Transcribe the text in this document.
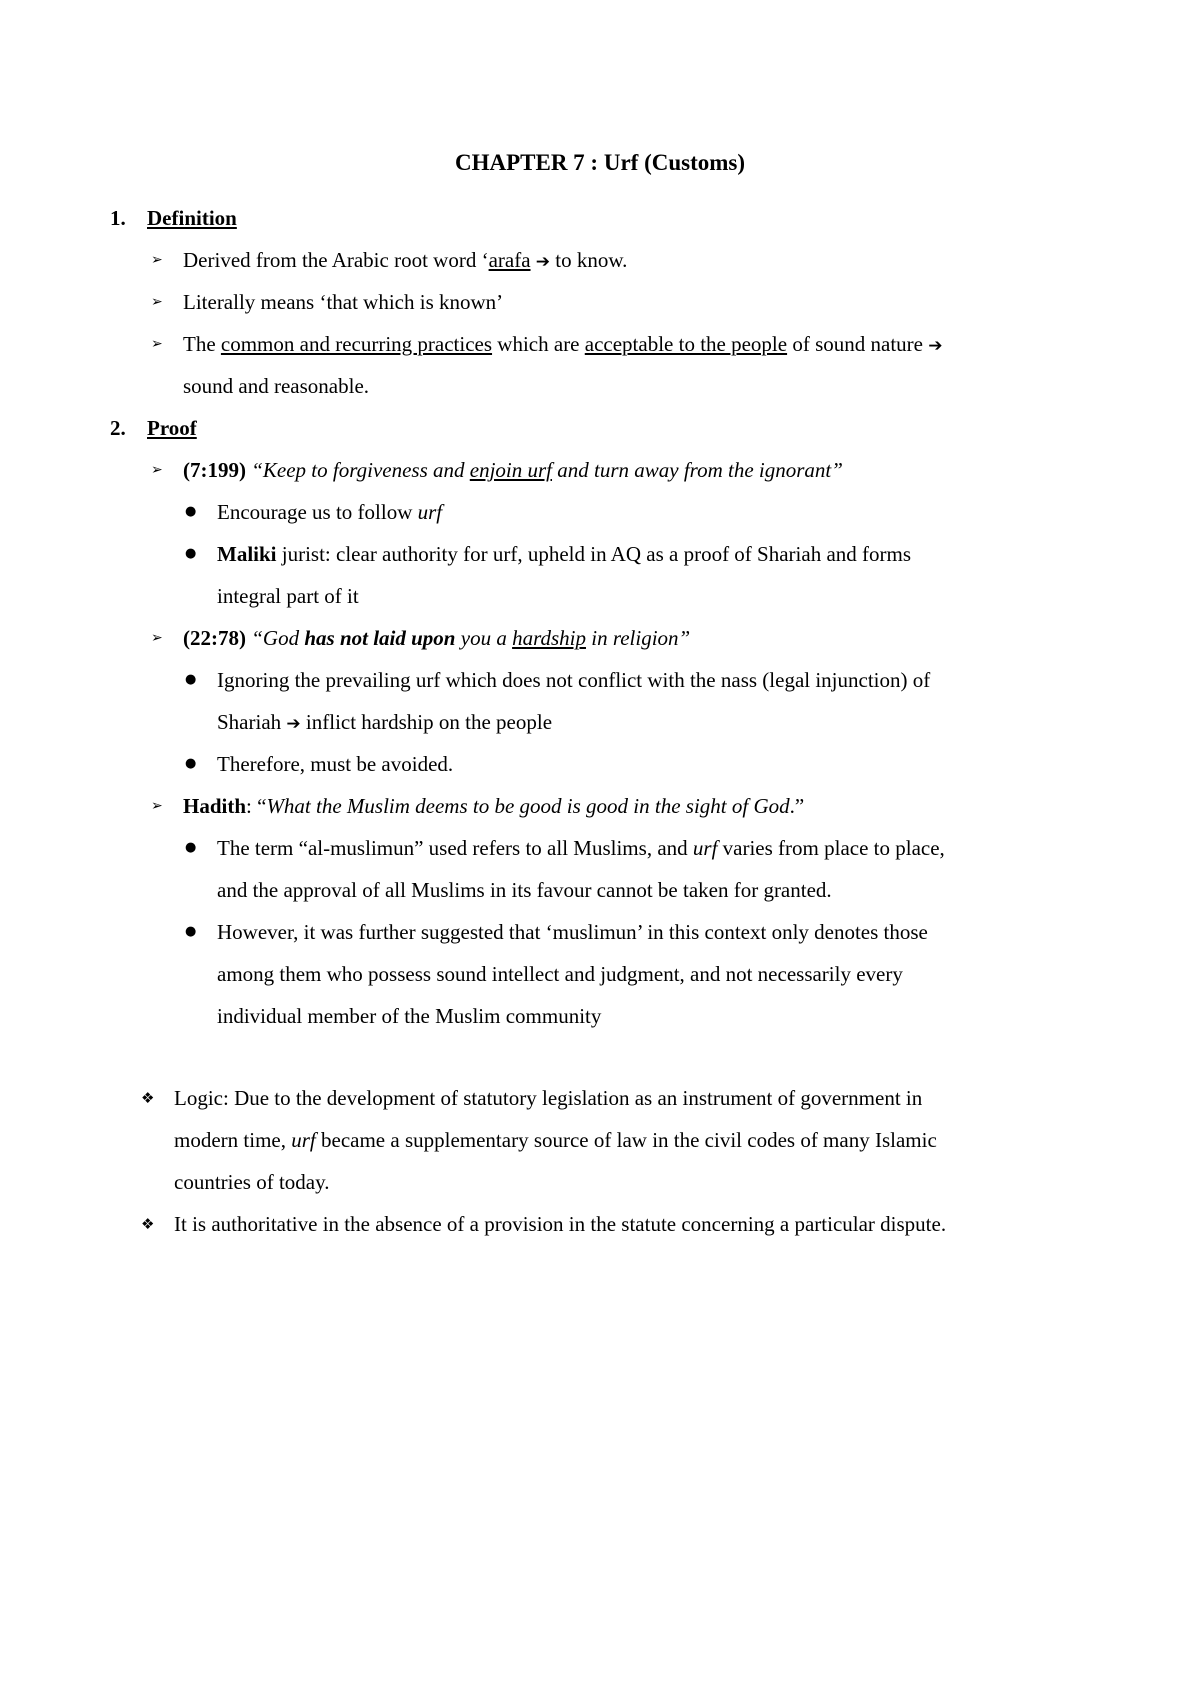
CHAPTER 7 : Urf (Customs)
1. Definition
➢ Derived from the Arabic root word ‘arafa ➔ to know.
➢ Literally means ‘that which is known’
➢ The common and recurring practices which are acceptable to the people of sound nature ➔
sound and reasonable.
2. Proof
➢ (7:199) “Keep to forgiveness and enjoin urf and turn away from the ignorant”
● Encourage us to follow urf
● Maliki jurist: clear authority for urf, upheld in AQ as a proof of Shariah and forms
integral part of it
➢ (22:78) “God has not laid upon you a hardship in religion”
● Ignoring the prevailing urf which does not conflict with the nass (legal injunction) of
Shariah ➔ inflict hardship on the people
● Therefore, must be avoided.
➢ Hadith: “What the Muslim deems to be good is good in the sight of God.”
● The term “al-muslimun” used refers to all Muslims, and urf varies from place to place,
and the approval of all Muslims in its favour cannot be taken for granted.
● However, it was further suggested that ‘muslimun’ in this context only denotes those
among them who possess sound intellect and judgment, and not necessarily every
individual member of the Muslim community
❖ Logic: Due to the development of statutory legislation as an instrument of government in
modern time, urf became a supplementary source of law in the civil codes of many Islamic
countries of today.
❖ It is authoritative in the absence of a provision in the statute concerning a particular dispute.
